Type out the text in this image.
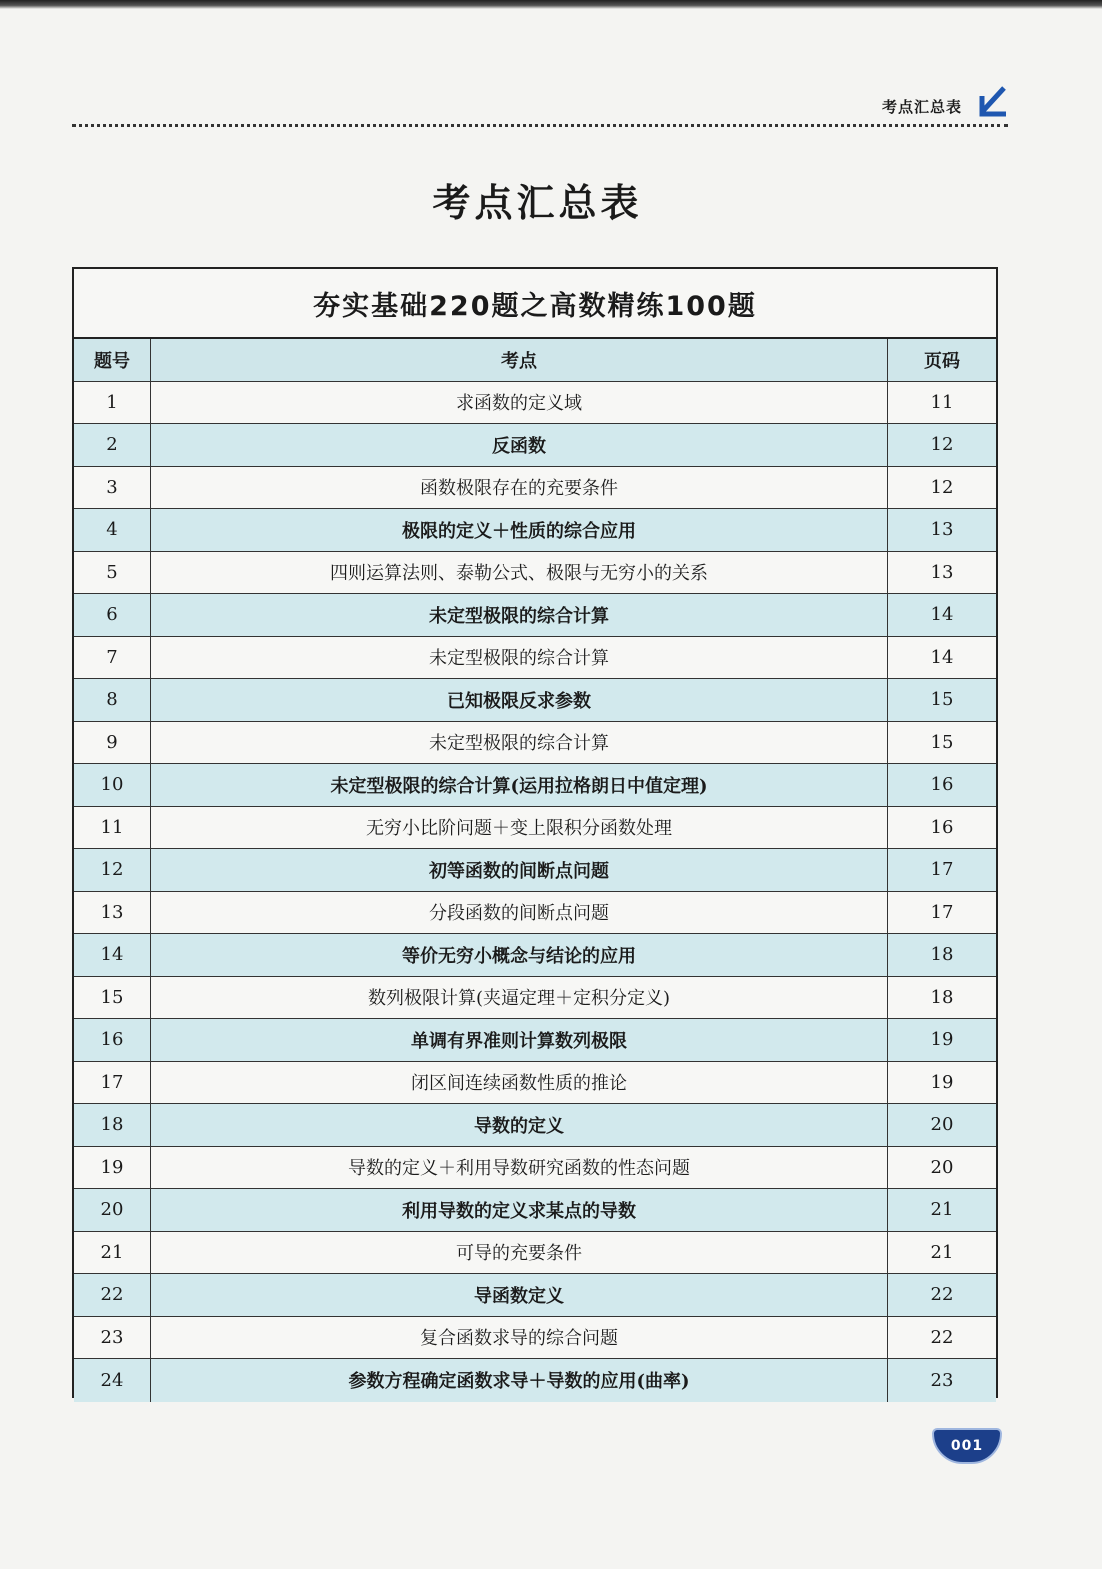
考点汇总表
考点汇总表
夯实基础220题之高数精练100题
题号	考点	页码
1	求函数的定义域	11
2	反函数	12
3	函数极限存在的充要条件	12
4	极限的定义＋性质的综合应用	13
5	四则运算法则、泰勒公式、极限与无穷小的关系	13
6	未定型极限的综合计算	14
7	未定型极限的综合计算	14
8	已知极限反求参数	15
9	未定型极限的综合计算	15
10	未定型极限的综合计算(运用拉格朗日中值定理)	16
11	无穷小比阶问题＋变上限积分函数处理	16
12	初等函数的间断点问题	17
13	分段函数的间断点问题	17
14	等价无穷小概念与结论的应用	18
15	数列极限计算(夹逼定理＋定积分定义)	18
16	单调有界准则计算数列极限	19
17	闭区间连续函数性质的推论	19
18	导数的定义	20
19	导数的定义＋利用导数研究函数的性态问题	20
20	利用导数的定义求某点的导数	21
21	可导的充要条件	21
22	导函数定义	22
23	复合函数求导的综合问题	22
24	参数方程确定函数求导＋导数的应用(曲率)	23
001
